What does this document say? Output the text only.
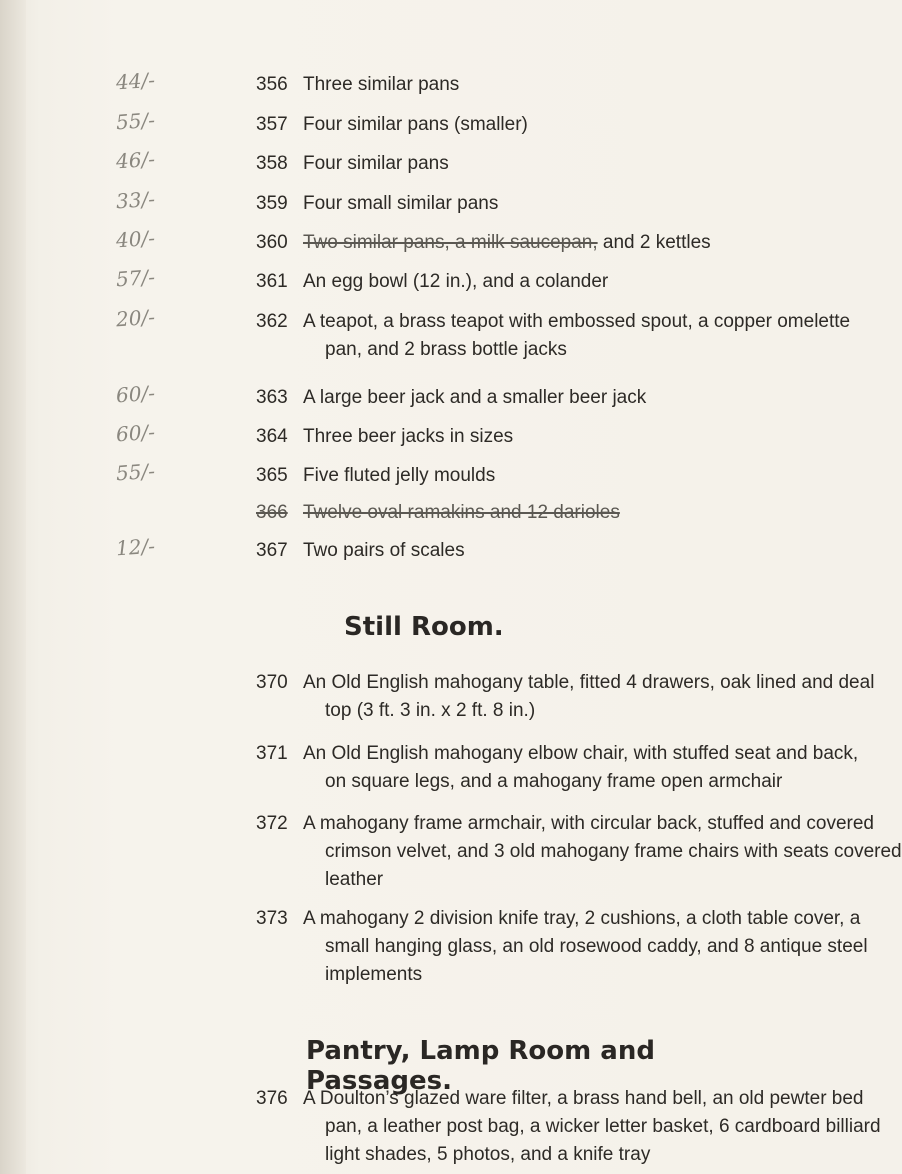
44/-	356 Three similar pans
55/-	357 Four similar pans (smaller)
46/-	358 Four similar pans
33/-	359 Four small similar pans
40/-	360 Two similar pans, a milk saucepan, and 2 kettles
57/-	361 An egg bowl (12 in.), and a colander
20/-	362 A teapot, a brass teapot with embossed spout, a copper omelette
pan, and 2 brass bottle jacks
60/-	363 A large beer jack and a smaller beer jack
60/-	364 Three beer jacks in sizes
55/-	365 Five fluted jelly moulds
366 Twelve oval ramakins and 12 darioles
12/-	367 Two pairs of scales
Still Room.
370 An Old English mahogany table, fitted 4 drawers, oak lined and deal
top (3 ft. 3 in. x 2 ft. 8 in.)
371 An Old English mahogany elbow chair, with stuffed seat and back,
on square legs, and a mahogany frame open armchair
372 A mahogany frame armchair, with circular back, stuffed and covered
crimson velvet, and 3 old mahogany frame chairs with seats covered
leather
373 A mahogany 2 division knife tray, 2 cushions, a cloth table cover, a
small hanging glass, an old rosewood caddy, and 8 antique steel
implements
Pantry, Lamp Room and Passages.
376 A Doulton’s glazed ware filter, a brass hand bell, an old pewter bed
pan, a leather post bag, a wicker letter basket, 6 cardboard billiard
light shades, 5 photos, and a knife tray
